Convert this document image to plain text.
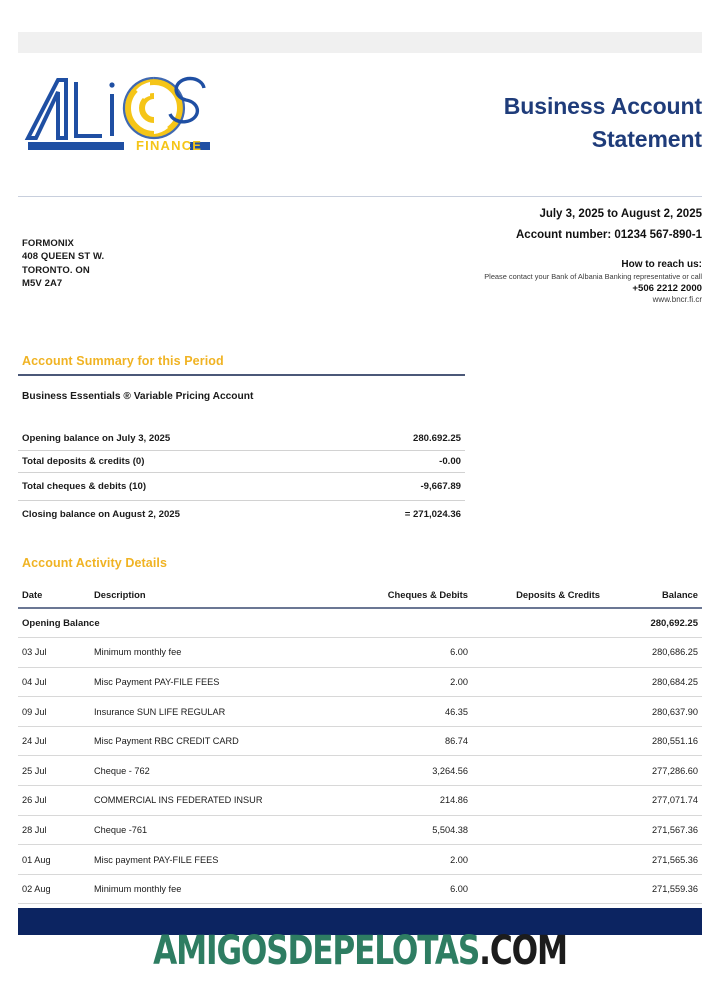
FINANCE
Business Account
Statement
FORMONIX
408 QUEEN ST W.
TORONTO. ON
M5V 2A7
July 3, 2025 to August 2, 2025
Account number: 01234 567-890-1
How to reach us:
Please contact your Bank of Albania Banking representative or call
+506 2212 2000
www.bncr.fi.cr
Account Summary for this Period
Business Essentials ® Variable Pricing Account
Opening balance on July 3, 2025	280.692.25
Total deposits & credits (0)	-0.00
Total cheques & debits (10)	-9,667.89
Closing balance on August 2, 2025	= 271,024.36
Account Activity Details
Date	Description	Cheques & Debits	Deposits & Credits	Balance
Opening Balance				280,692.25
03 Jul	Minimum monthly fee	6.00		280,686.25
04 Jul	Misc Payment PAY-FILE FEES	2.00		280,684.25
09 Jul	Insurance SUN LIFE REGULAR	46.35		280,637.90
24 Jul	Misc Payment RBC CREDIT CARD	86.74		280,551.16
25 Jul	Cheque - 762	3,264.56		277,286.60
26 Jul	COMMERCIAL INS FEDERATED INSUR	214.86		277,071.74
28 Jul	Cheque -761	5,504.38		271,567.36
01 Aug	Misc payment PAY-FILE FEES	2.00		271,565.36
02 Aug	Minimum monthly fee	6.00		271,559.36
AMIGOSDEPELOTAS.COM
